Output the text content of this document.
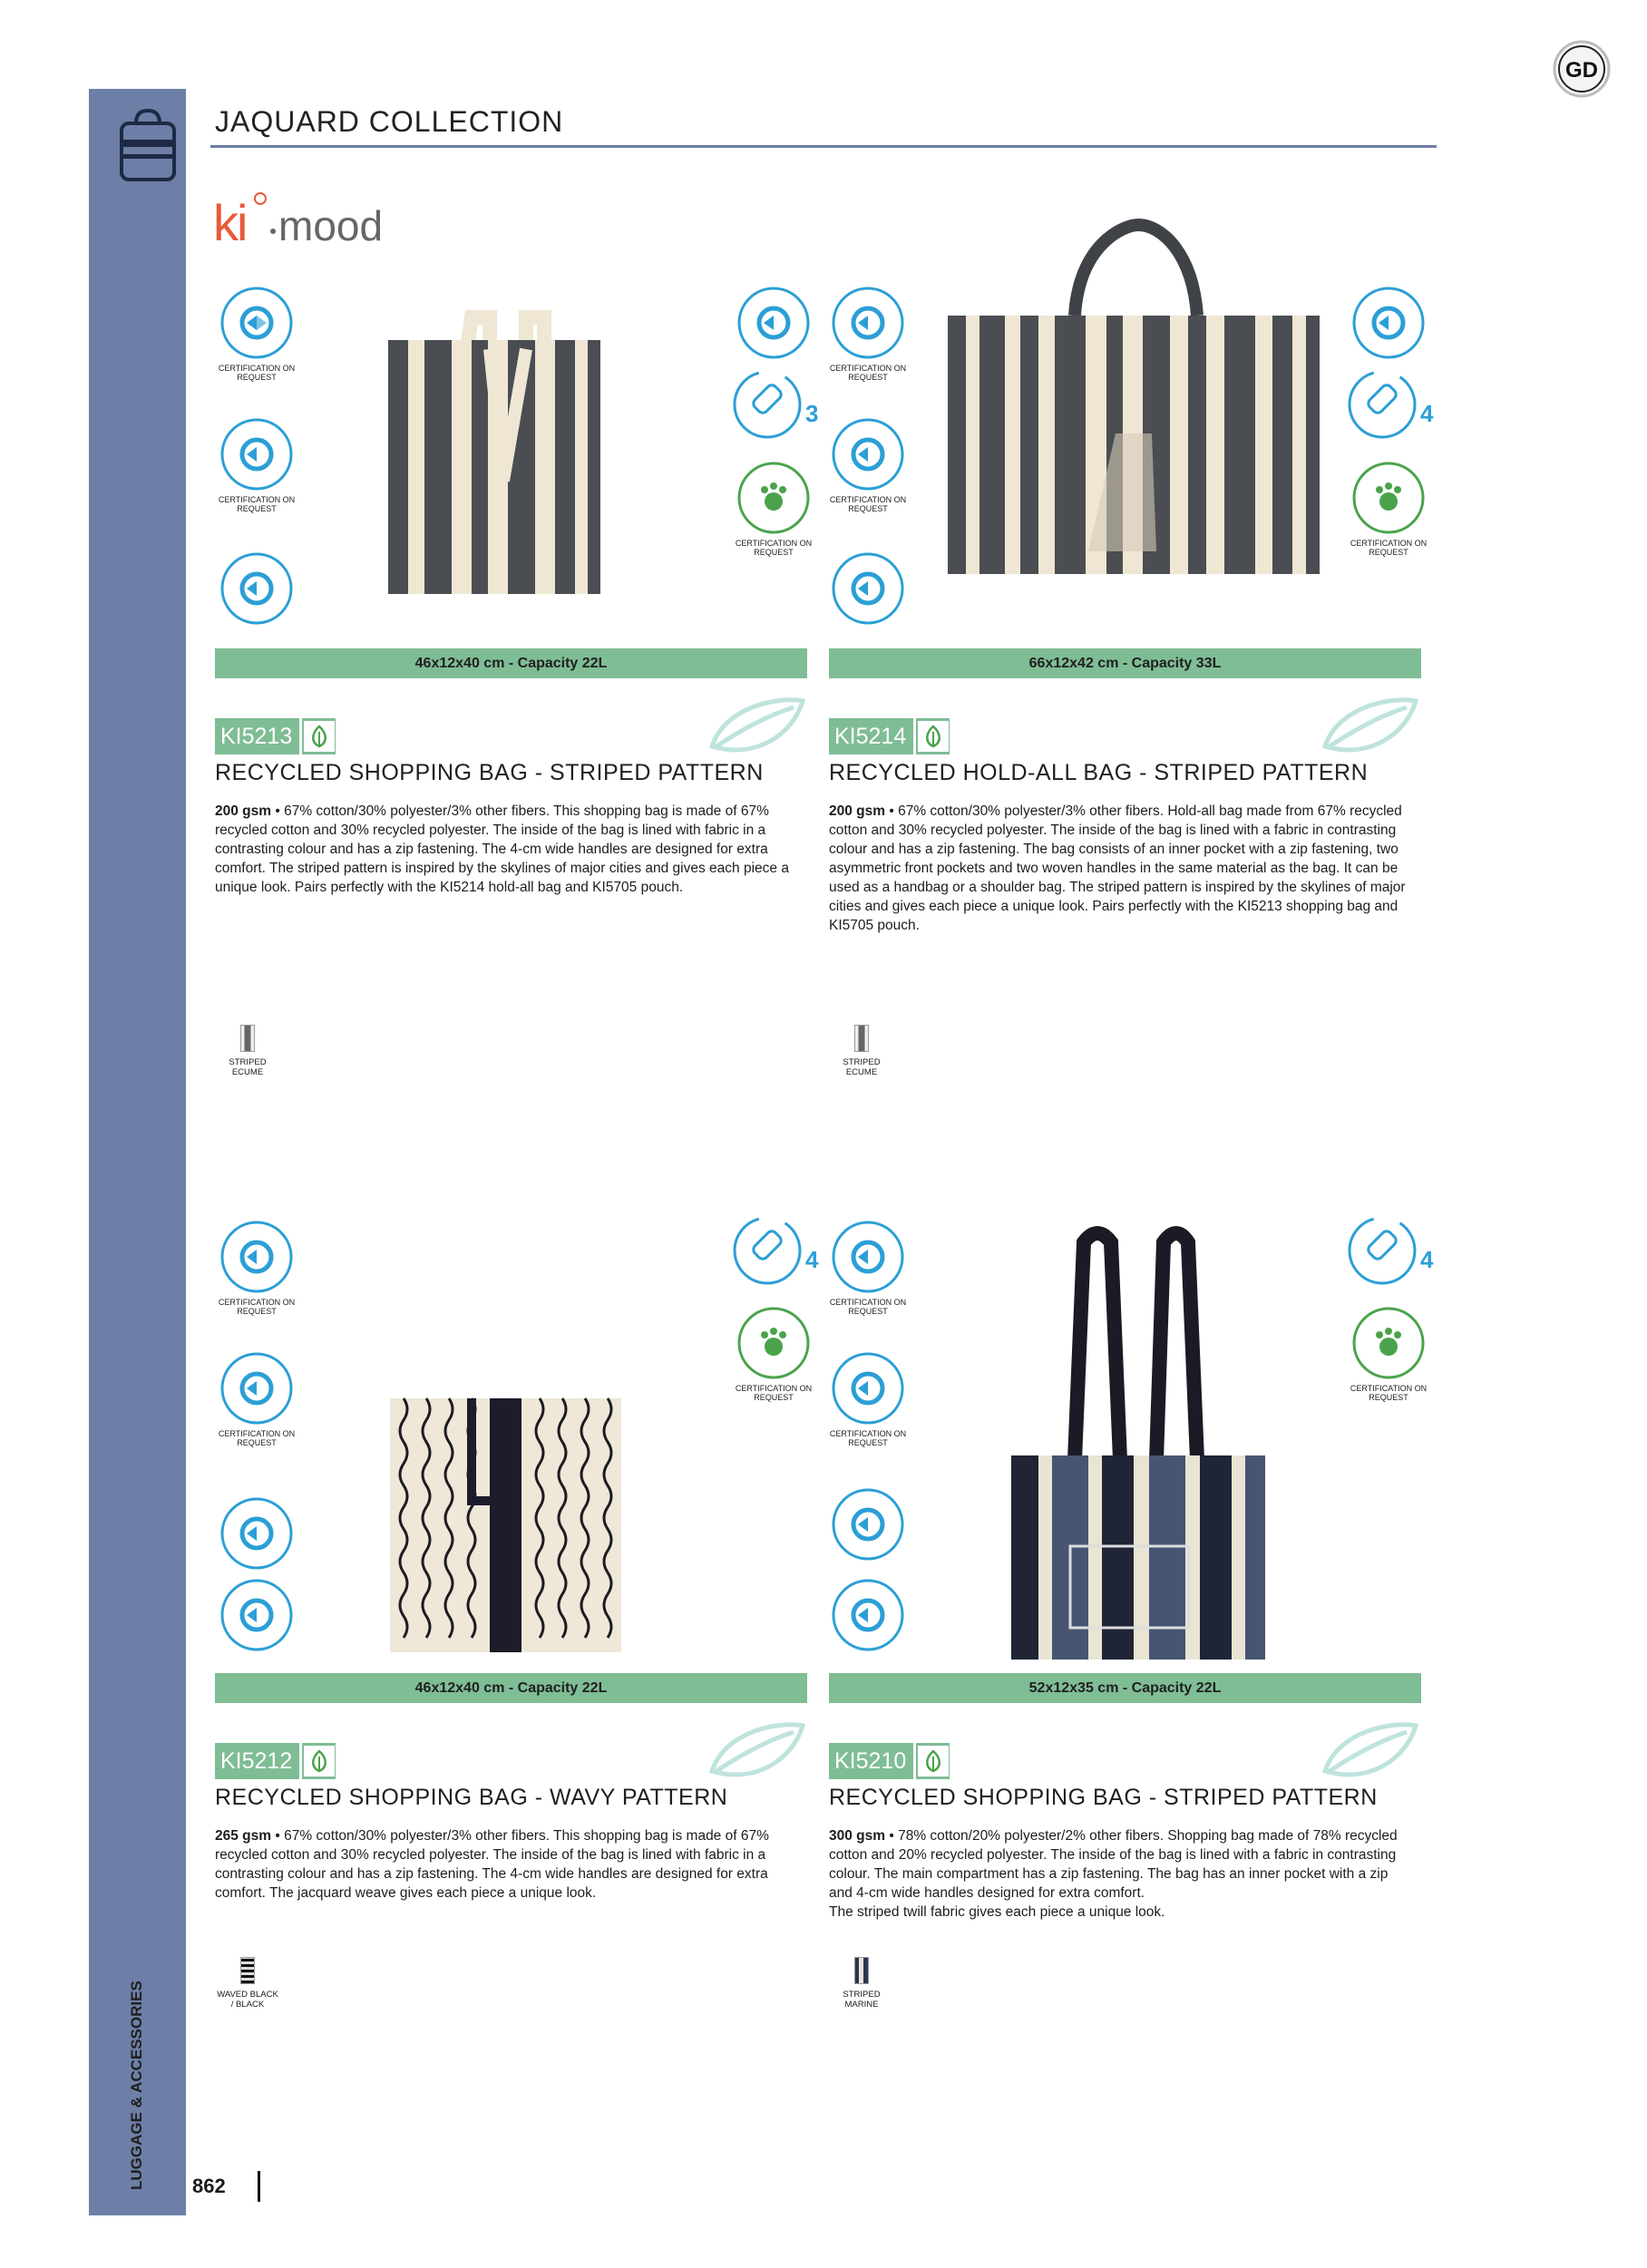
LUGGAGE & ACCESSORIES
JAQUARD COLLECTION
GD
ki mood
CERTIFICATION ON REQUEST
CERTIFICATION ON REQUEST
3
CERTIFICATION ON REQUEST
46x12x40 cm - Capacity 22L
KI5213
RECYCLED SHOPPING BAG - STRIPED PATTERN
200 gsm • 67% cotton/30% polyester/3% other fibers. This shopping bag is made of 67% recycled cotton and 30% recycled polyester. The inside of the bag is lined with fabric in a contrasting colour and has a zip fastening. The 4-cm wide handles are designed for extra comfort. The striped pattern is inspired by the skylines of major cities and gives each piece a unique look. Pairs perfectly with the KI5214 hold-all bag and KI5705 pouch.
STRIPED ECUME
CERTIFICATION ON REQUEST
CERTIFICATION ON REQUEST
4
CERTIFICATION ON REQUEST
66x12x42 cm - Capacity 33L
KI5214
RECYCLED HOLD-ALL BAG - STRIPED PATTERN
200 gsm • 67% cotton/30% polyester/3% other fibers. Hold-all bag made from 67% recycled cotton and 30% recycled polyester. The inside of the bag is lined with a fabric in contrasting colour and has a zip fastening. The bag consists of an inner pocket with a zip fastening, two asymmetric front pockets and two woven handles in the same material as the bag. It can be used as a handbag or a shoulder bag. The striped pattern is inspired by the skylines of major cities and gives each piece a unique look. Pairs perfectly with the KI5213 shopping bag and KI5705 pouch.
STRIPED ECUME
CERTIFICATION ON REQUEST
CERTIFICATION ON REQUEST
4
CERTIFICATION ON REQUEST
46x12x40 cm - Capacity 22L
KI5212
RECYCLED SHOPPING BAG - WAVY PATTERN
265 gsm • 67% cotton/30% polyester/3% other fibers. This shopping bag is made of 67% recycled cotton and 30% recycled polyester. The inside of the bag is lined with fabric in a contrasting colour and has a zip fastening. The 4-cm wide handles are designed for extra comfort. The jacquard weave gives each piece a unique look.
WAVED BLACK / BLACK
CERTIFICATION ON REQUEST
CERTIFICATION ON REQUEST
4
CERTIFICATION ON REQUEST
52x12x35 cm - Capacity 22L
KI5210
RECYCLED SHOPPING BAG - STRIPED PATTERN
300 gsm • 78% cotton/20% polyester/2% other fibers. Shopping bag made of 78% recycled cotton and 20% recycled polyester. The inside of the bag is lined with a fabric in contrasting colour. The main compartment has a zip fastening. The bag has an inner pocket with a zip and 4-cm wide handles designed for extra comfort.
The striped twill fabric gives each piece a unique look.
STRIPED MARINE
862
